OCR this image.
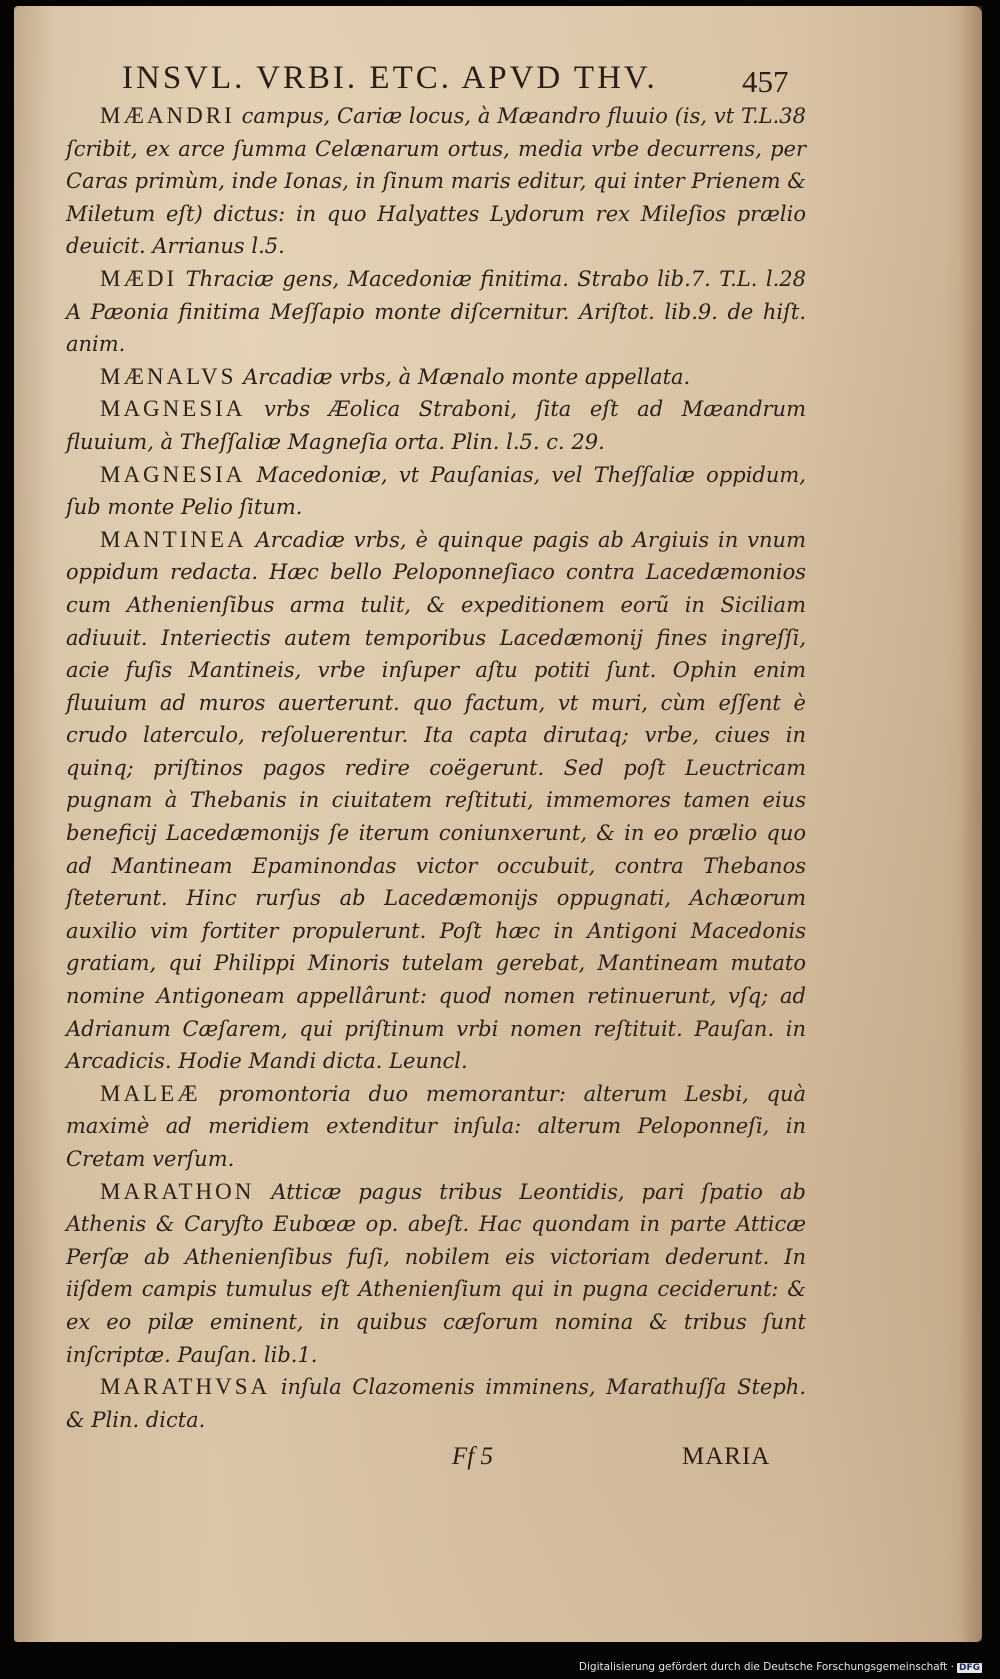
INSVL. VRBI. ETC. APVD THV.	457

MÆANDRI campus, Cariæ locus, à Mæandro fluuio (is, vt T.L.38 ſcribit, ex arce ſumma Celænarum ortus, media vrbe decurrens, per Caras primùm, inde Ionas, in ſinum maris editur, qui inter Prienem & Miletum eſt) dictus: in quo Halyattes Lydorum rex Mileſios prælio deuicit. Arrianus l.5.

MÆDI Thraciæ gens, Macedoniæ finitima. Strabo lib.7. T.L. l.28 A Pæonia finitima Meſſapio monte diſcernitur. Ariſtot. lib.9. de hiſt. anim.

MÆNALVS Arcadiæ vrbs, à Mænalo monte appellata.

MAGNESIA vrbs Æolica Straboni, ſita eſt ad Mæandrum fluuium, à Theſſaliæ Magneſia orta. Plin. l.5. c. 29.

MAGNESIA Macedoniæ, vt Pauſanias, vel Theſſaliæ oppidum, ſub monte Pelio ſitum.

MANTINEA Arcadiæ vrbs, è quinque pagis ab Argiuis in vnum oppidum redacta. Hæc bello Peloponneſiaco contra Lacedæmonios cum Athenienſibus arma tulit, & expeditionem eorũ in Siciliam adiuuit. Interiectis autem temporibus Lacedæmonij fines ingreſſi, acie fuſis Mantineis, vrbe inſuper aſtu potiti ſunt. Ophin enim fluuium ad muros auerterunt. quo factum, vt muri, cùm eſſent è crudo laterculo, reſoluerentur. Ita capta dirutaq; vrbe, ciues in quinq; priſtinos pagos redire coëgerunt. Sed poſt Leuctricam pugnam à Thebanis in ciuitatem reſtituti, immemores tamen eius beneficij Lacedæmonijs ſe iterum coniunxerunt, & in eo prælio quo ad Mantineam Epaminondas victor occubuit, contra Thebanos ſteterunt. Hinc rurſus ab Lacedæmonijs oppugnati, Achæorum auxilio vim fortiter propulerunt. Poſt hæc in Antigoni Macedonis gratiam, qui Philippi Minoris tutelam gerebat, Mantineam mutato nomine Antigoneam appellârunt: quod nomen retinuerunt, vſq; ad Adrianum Cæſarem, qui priſtinum vrbi nomen reſtituit. Pauſan. in Arcadicis. Hodie Mandi dicta. Leuncl.

MALEÆ promontoria duo memorantur: alterum Lesbi, quà maximè ad meridiem extenditur inſula: alterum Peloponneſi, in Cretam verſum.

MARATHON Atticæ pagus tribus Leontidis, pari ſpatio ab Athenis & Caryſto Eubœæ op. abeſt. Hac quondam in parte Atticæ Perſæ ab Athenienſibus fuſi, nobilem eis victoriam dederunt. In iiſdem campis tumulus eſt Athenienſium qui in pugna ceciderunt: & ex eo pilæ eminent, in quibus cæſorum nomina & tribus ſunt inſcriptæ. Pauſan. lib.1.

MARATHVSA inſula Clazomenis imminens, Marathuſſa Steph. & Plin. dicta.

Ff 5	MARIA
Digitalisierung gefördert durch die Deutsche Forschungsgemeinschaft · DFG
